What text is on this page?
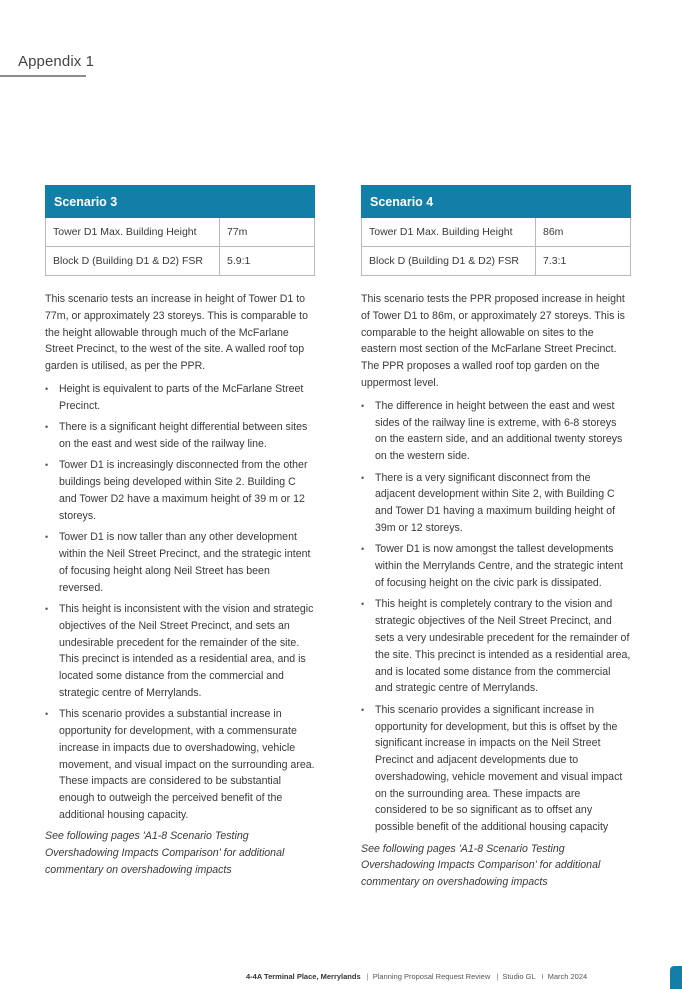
Appendix 1
Scenario 3	
Tower D1 Max. Building Height	77m
Block D (Building D1 & D2) FSR	5.9:1

This scenario tests an increase in height of Tower D1 to 77m, or approximately 23 storeys. This is comparable to the height allowable through much of the McFarlane Street Precinct, to the west of the site. A walled roof top garden is utilised, as per the PPR.

• Height is equivalent to parts of the McFarlane Street Precinct.
• There is a significant height differential between sites on the east and west side of the railway line.
• Tower D1 is increasingly disconnected from the other buildings being developed within Site 2. Building C and Tower D2 have a maximum height of 39 m or 12 storeys.
• Tower D1 is now taller than any other development within the Neil Street Precinct, and the strategic intent of focusing height along Neil Street has been reversed.
• This height is inconsistent with the vision and strategic objectives of the Neil Street Precinct, and sets an undesirable precedent for the remainder of the site. This precinct is intended as a residential area, and is located some distance from the commercial and strategic centre of Merrylands.
• This scenario provides a substantial increase in opportunity for development, with a commensurate increase in impacts due to overshadowing, vehicle movement, and visual impact on the surrounding area. These impacts are considered to be substantial enough to outweigh the perceived benefit of the additional housing capacity.

See following pages 'A1-8 Scenario Testing Overshadowing Impacts Comparison' for additional commentary on overshadowing impacts

Scenario 4	
Tower D1 Max. Building Height	86m
Block D (Building D1 & D2) FSR	7.3:1

This scenario tests the PPR proposed increase in height of Tower D1 to 86m, or approximately 27 storeys. This is comparable to the height allowable on sites to the eastern most section of the McFarlane Street Precinct. The PPR proposes a walled roof top garden on the uppermost level.

• The difference in height between the east and west sides of the railway line is extreme, with 6-8 storeys on the eastern side, and an additional twenty storeys on the western side.
• There is a very significant disconnect from the adjacent development within Site 2, with Building C and Tower D1 having a maximum building height of 39m or 12 storeys.
• Tower D1 is now amongst the tallest developments within the Merrylands Centre, and the strategic intent of focusing height on the civic park is dissipated.
• This height is completely contrary to the vision and strategic objectives of the Neil Street Precinct, and sets a very undesirable precedent for the remainder of the site. This precinct is intended as a residential area, and is located some distance from the commercial and strategic centre of Merrylands.
• This scenario provides a significant increase in opportunity for development, but this is offset by the significant increase in impacts on the Neil Street Precinct and adjacent developments due to overshadowing, vehicle movement and visual impact on the surrounding area. These impacts are considered to be so significant as to offset any possible benefit of the additional housing capacity

See following pages 'A1-8 Scenario Testing Overshadowing Impacts Comparison' for additional commentary on overshadowing impacts

4-4A Terminal Place, Merrylands | Planning Proposal Request Review | Studio GL I March 2024
